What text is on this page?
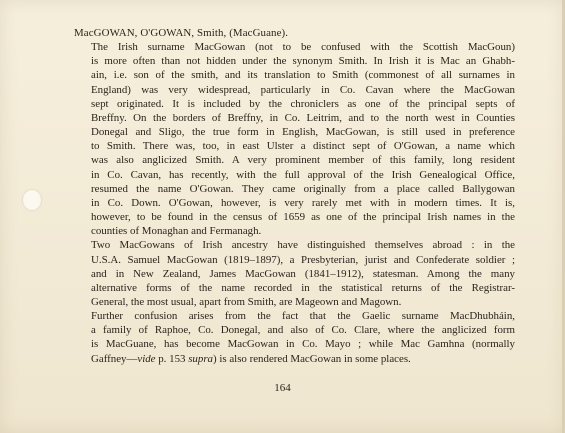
MacGOWAN, O'GOWAN, Smith, (MacGuane).

The Irish surname MacGowan (not to be confused with the Scottish MacGoun)
is more often than not hidden under the synonym Smith. In Irish it is Mac an Ghabh-
ain, i.e. son of the smith, and its translation to Smith (commonest of all surnames in
England) was very widespread, particularly in Co. Cavan where the MacGowan
sept originated. It is included by the chroniclers as one of the principal septs of
Breffny. On the borders of Breffny, in Co. Leitrim, and to the north west in Counties
Donegal and Sligo, the true form in English, MacGowan, is still used in preference
to Smith. There was, too, in east Ulster a distinct sept of O'Gowan, a name which
was also anglicized Smith. A very prominent member of this family, long resident
in Co. Cavan, has recently, with the full approval of the Irish Genealogical Office,
resumed the name O'Gowan. They came originally from a place called Ballygowan
in Co. Down. O'Gowan, however, is very rarely met with in modern times. It is,
however, to be found in the census of 1659 as one of the principal Irish names in the
counties of Monaghan and Fermanagh.

Two MacGowans of Irish ancestry have distinguished themselves abroad : in the
U.S.A. Samuel MacGowan (1819–1897), a Presbyterian, jurist and Confederate soldier ;
and in New Zealand, James MacGowan (1841–1912), statesman. Among the many
alternative forms of the name recorded in the statistical returns of the Registrar-
General, the most usual, apart from Smith, are Mageown and Magown.

Further confusion arises from the fact that the Gaelic surname MacDhubháin,
a family of Raphoe, Co. Donegal, and also of Co. Clare, where the anglicized form
is MacGuane, has become MacGowan in Co. Mayo ; while Mac Gamhna (normally
Gaffney—vide p. 153 supra) is also rendered MacGowan in some places.

164
